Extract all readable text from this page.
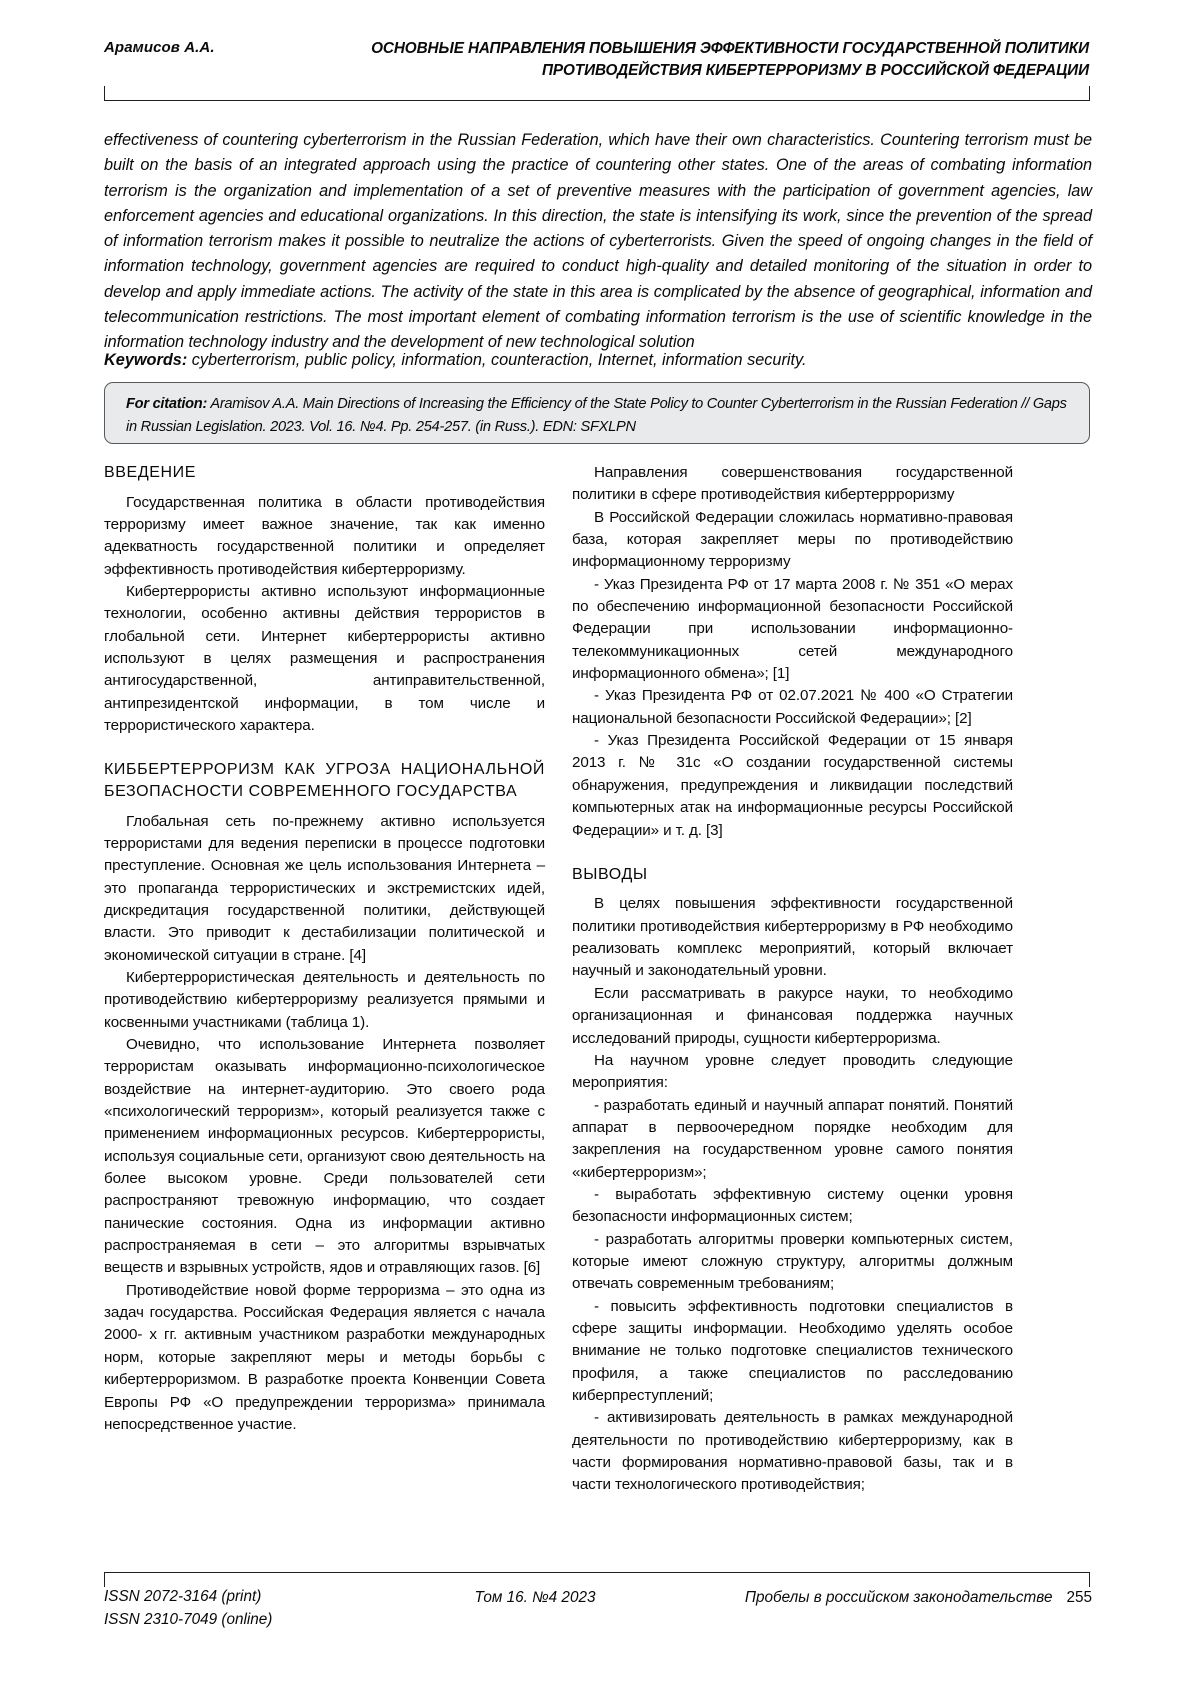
Арамисов А.А.	ОСНОВНЫЕ НАПРАВЛЕНИЯ ПОВЫШЕНИЯ ЭФФЕКТИВНОСТИ ГОСУДАРСТВЕННОЙ ПОЛИТИКИ ПРОТИВОДЕЙСТВИЯ КИБЕРТЕРРОРИЗМУ В РОССИЙСКОЙ ФЕДЕРАЦИИ
effectiveness of countering cyberterrorism in the Russian Federation, which have their own characteristics. Countering terrorism must be built on the basis of an integrated approach using the practice of countering other states. One of the areas of combating information terrorism is the organization and implementation of a set of preventive measures with the participation of government agencies, law enforcement agencies and educational organizations. In this direction, the state is intensifying its work, since the prevention of the spread of information terrorism makes it possible to neutralize the actions of cyberterrorists. Given the speed of ongoing changes in the field of information technology, government agencies are required to conduct high-quality and detailed monitoring of the situation in order to develop and apply immediate actions. The activity of the state in this area is complicated by the absence of geographical, information and telecommunication restrictions. The most important element of combating information terrorism is the use of scientific knowledge in the information technology industry and the development of new technological solution
Keywords: cyberterrorism, public policy, information, counteraction, Internet, information security.
For citation: Aramisov A.A. Main Directions of Increasing the Efficiency of the State Policy to Counter Cyberterrorism in the Russian Federation // Gaps in Russian Legislation. 2023. Vol. 16. №4. Pp. 254-257. (in Russ.). EDN: SFXLPN
ВВЕДЕНИЕ

Государственная политика в области противодействия терроризму имеет важное значение, так как именно адекватность государственной политики и определяет эффективность противодействия кибертерроризму.

Кибертеррористы активно используют информационные технологии, особенно активны действия террористов в глобальной сети. Интернет кибертеррористы активно используют в целях размещения и распространения антигосударственной, антиправительственной, антипрезидентской информации, в том числе и террористического характера.

КИББЕРТЕРРОРИЗМ КАК УГРОЗА НАЦИОНАЛЬНОЙ БЕЗОПАСНОСТИ СОВРЕМЕННОГО ГОСУДАРСТВА

Глобальная сеть по-прежнему активно используется террористами для ведения переписки в процессе подготовки преступление. Основная же цель использования Интернета – это пропаганда террористических и экстремистских идей, дискредитация государственной политики, действующей власти. Это приводит к дестабилизации политической и экономической ситуации в стране. [4]

Кибертеррористическая деятельность и деятельность по противодействию кибертерроризму реализуется прямыми и косвенными участниками (таблица 1).

Очевидно, что использование Интернета позволяет террористам оказывать информационно-психологическое воздействие на интернет-аудиторию. Это своего рода «психологический терроризм», который реализуется также с применением информационных ресурсов. Кибертеррористы, используя социальные сети, организуют свою деятельность на более высоком уровне. Среди пользователей сети распространяют тревожную информацию, что создает панические состояния. Одна из информации активно распространяемая в сети – это алгоритмы взрывчатых веществ и взрывных устройств, ядов и отравляющих газов. [6]

Противодействие новой форме терроризма – это одна из задач государства. Российская Федерация является с начала 2000- х гг. активным участником разработки международных норм, которые закрепляют меры и методы борьбы с кибертерроризмом. В разработке проекта Конвенции Совета Европы РФ «О предупреждении терроризма» принимала непосредственное участие.

Направления совершенствования государственной политики в сфере противодействия кибертеррроризму

В Российской Федерации сложилась нормативно-правовая база, которая закрепляет меры по противодействию информационному терроризму

- Указ Президента РФ от 17 марта 2008 г. № 351 «О мерах по обеспечению информационной безопасности Российской Федерации при использовании информационно-телекоммуникационных сетей международного информационного обмена»; [1]

- Указ Президента РФ от 02.07.2021 № 400 «О Стратегии национальной безопасности Российской Федерации»; [2]

- Указ Президента Российской Федерации от 15 января 2013 г. № 31с «О создании государственной системы обнаружения, предупреждения и ликвидации последствий компьютерных атак на информационные ресурсы Российской Федерации» и т. д. [3]

ВЫВОДЫ

В целях повышения эффективности государственной политики противодействия кибертерроризму в РФ необходимо реализовать комплекс мероприятий, который включает научный и законодательный уровни.

Если рассматривать в ракурсе науки, то необходимо организационная и финансовая поддержка научных исследований природы, сущности кибертерроризма.

На научном уровне следует проводить следующие мероприятия:

- разработать единый и научный аппарат понятий. Понятий аппарат в первоочередном порядке необходим для закрепления на государственном уровне самого понятия «кибертерроризм»;

- выработать эффективную систему оценки уровня безопасности информационных систем;

- разработать алгоритмы проверки компьютерных систем, которые имеют сложную структуру, алгоритмы должным отвечать современным требованиям;

- повысить эффективность подготовки специалистов в сфере защиты информации. Необходимо уделять особое внимание не только подготовке специалистов технического профиля, а также специалистов по расследованию киберпреступлений;

- активизировать деятельность в рамках международной деятельности по противодействию кибертерроризму, как в части формирования нормативно-правовой базы, так и в части технологического противодействия;

ISSN 2072-3164 (print)
ISSN 2310-7049 (online)
Том 16. №4 2023	Пробелы в российском законодательстве 255
